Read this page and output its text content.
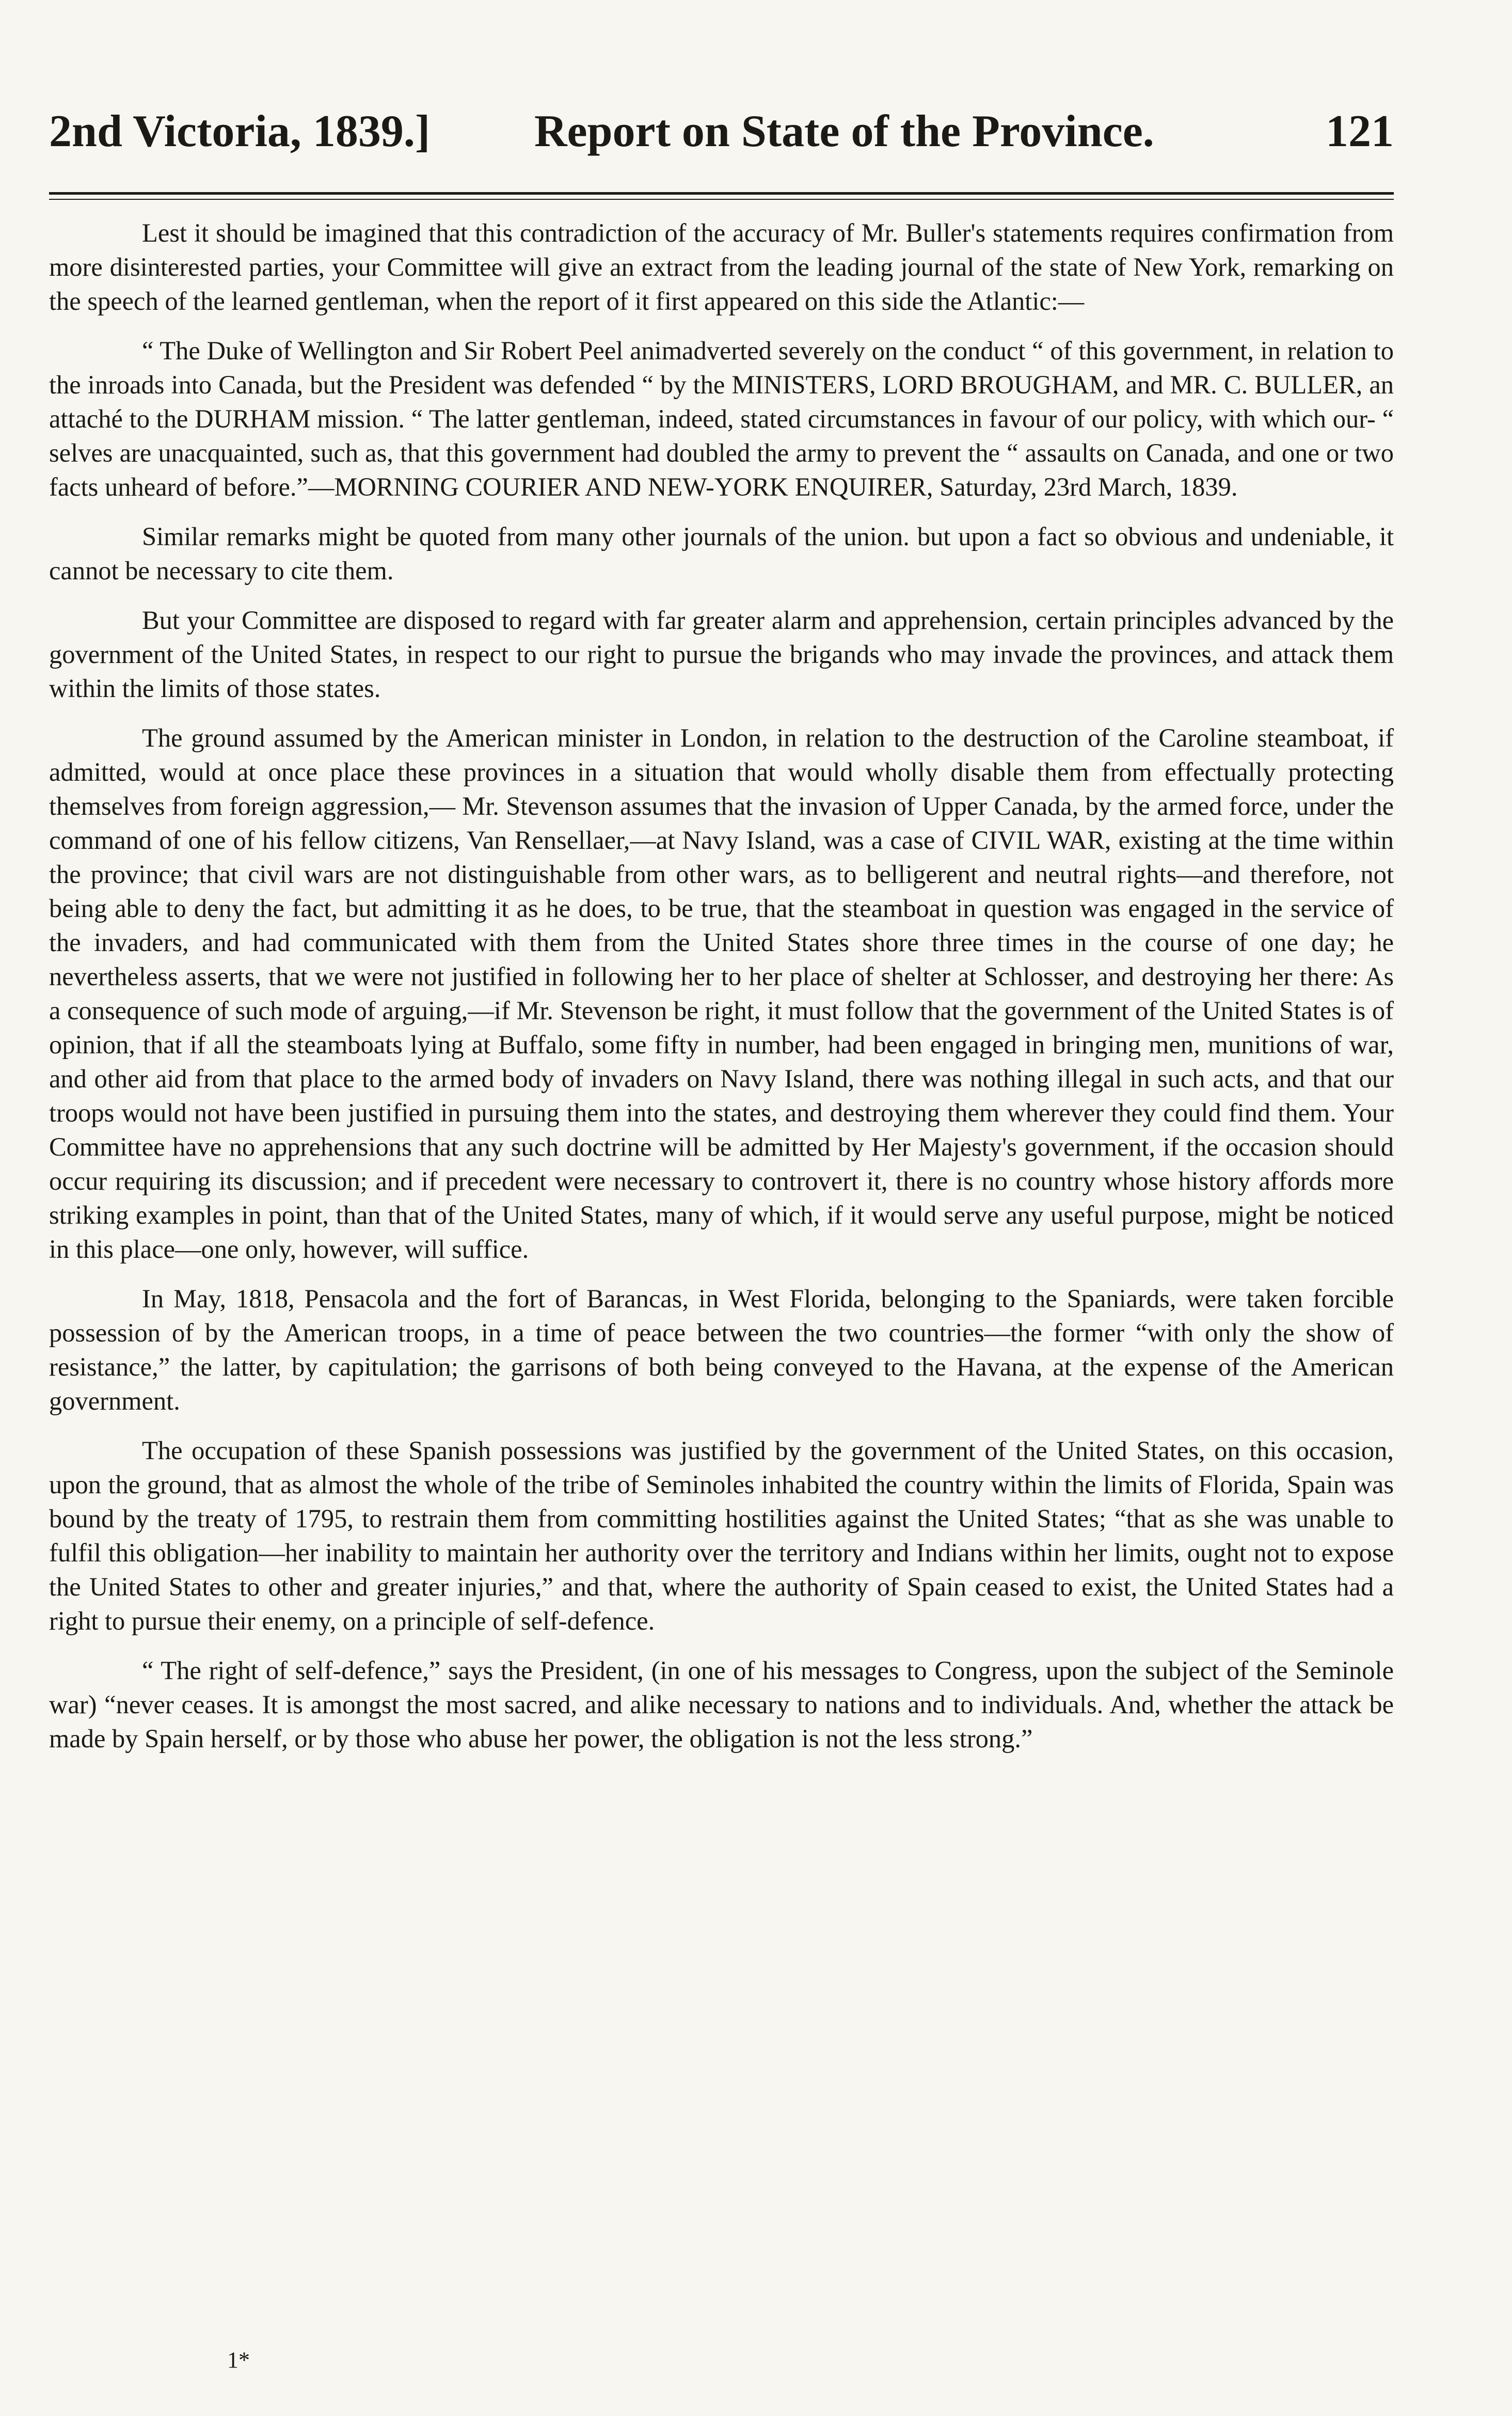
2nd Victoria, 1839.] Report on State of the Province.	121

Lest it should be imagined that this contradiction of the accuracy of Mr. Buller's statements requires confirmation from more disinterested parties, your Committee will give an extract from the leading journal of the state of New York, remarking on the speech of the learned gentleman, when the report of it first appeared on this side the Atlantic:—

“ The Duke of Wellington and Sir Robert Peel animadverted severely on the conduct “ of this government, in relation to the inroads into Canada, but the President was defended “ by the MINISTERS, LORD BROUGHAM, and MR. C. BULLER, an attaché to the DURHAM mission. “ The latter gentleman, indeed, stated circumstances in favour of our policy, with which our- “ selves are unacquainted, such as, that this government had doubled the army to prevent the “ assaults on Canada, and one or two facts unheard of before.”—MORNING COURIER AND NEW-YORK ENQUIRER, Saturday, 23rd March, 1839.

Similar remarks might be quoted from many other journals of the union. but upon a fact so obvious and undeniable, it cannot be necessary to cite them.

But your Committee are disposed to regard with far greater alarm and apprehension, certain principles advanced by the government of the United States, in respect to our right to pursue the brigands who may invade the provinces, and attack them within the limits of those states.

The ground assumed by the American minister in London, in relation to the destruction of the Caroline steamboat, if admitted, would at once place these provinces in a situation that would wholly disable them from effectually protecting themselves from foreign aggression,— Mr. Stevenson assumes that the invasion of Upper Canada, by the armed force, under the command of one of his fellow citizens, Van Rensellaer,—at Navy Island, was a case of CIVIL WAR, existing at the time within the province; that civil wars are not distinguishable from other wars, as to belligerent and neutral rights—and therefore, not being able to deny the fact, but admitting it as he does, to be true, that the steamboat in question was engaged in the service of the invaders, and had communicated with them from the United States shore three times in the course of one day; he nevertheless asserts, that we were not justified in following her to her place of shelter at Schlosser, and destroying her there: As a consequence of such mode of arguing,—if Mr. Stevenson be right, it must follow that the government of the United States is of opinion, that if all the steamboats lying at Buffalo, some fifty in number, had been engaged in bringing men, munitions of war, and other aid from that place to the armed body of invaders on Navy Island, there was nothing illegal in such acts, and that our troops would not have been justified in pursuing them into the states, and destroying them wherever they could find them. Your Committee have no apprehensions that any such doctrine will be admitted by Her Majesty's government, if the occasion should occur requiring its discussion; and if precedent were necessary to controvert it, there is no country whose history affords more striking examples in point, than that of the United States, many of which, if it would serve any useful purpose, might be noticed in this place—one only, however, will suffice.

In May, 1818, Pensacola and the fort of Barancas, in West Florida, belonging to the Spaniards, were taken forcible possession of by the American troops, in a time of peace between the two countries—the former “with only the show of resistance,” the latter, by capitulation; the garrisons of both being conveyed to the Havana, at the expense of the American government.

The occupation of these Spanish possessions was justified by the government of the United States, on this occasion, upon the ground, that as almost the whole of the tribe of Seminoles inhabited the country within the limits of Florida, Spain was bound by the treaty of 1795, to restrain them from committing hostilities against the United States; “that as she was unable to fulfil this obligation—her inability to maintain her authority over the territory and Indians within her limits, ought not to expose the United States to other and greater injuries,” and that, where the authority of Spain ceased to exist, the United States had a right to pursue their enemy, on a principle of self-defence.

“ The right of self-defence,” says the President, (in one of his messages to Congress, upon the subject of the Seminole war) “never ceases. It is amongst the most sacred, and alike necessary to nations and to individuals. And, whether the attack be made by Spain herself, or by those who abuse her power, the obligation is not the less strong.”

1*
